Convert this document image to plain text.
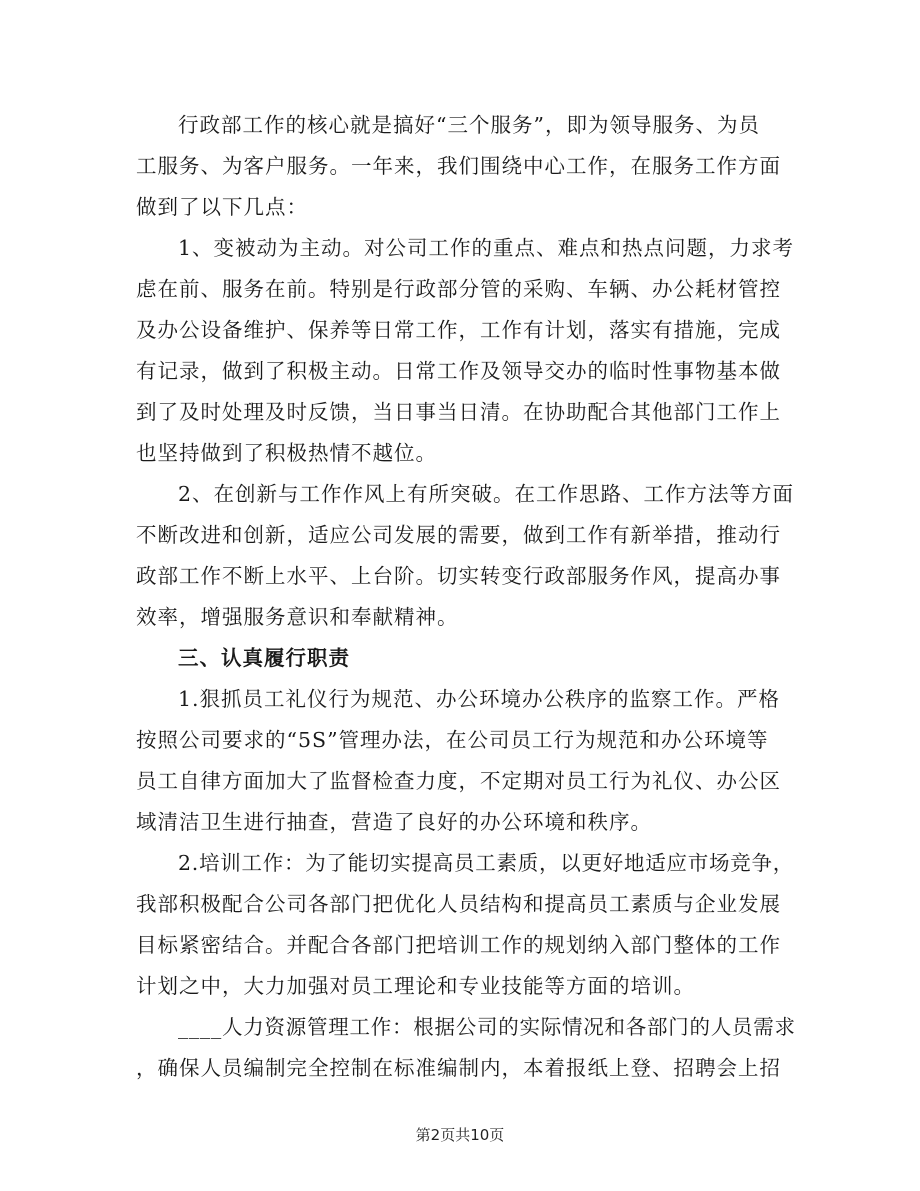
行政部工作的核心就是搞好“三个服务”，即为领导服务、为员
工服务、为客户服务。一年来，我们围绕中心工作，在服务工作方面
做到了以下几点：
1、变被动为主动。对公司工作的重点、难点和热点问题，力求考
虑在前、服务在前。特别是行政部分管的采购、车辆、办公耗材管控
及办公设备维护、保养等日常工作，工作有计划，落实有措施，完成
有记录，做到了积极主动。日常工作及领导交办的临时性事物基本做
到了及时处理及时反馈，当日事当日清。在协助配合其他部门工作上
也坚持做到了积极热情不越位。
2、在创新与工作作风上有所突破。在工作思路、工作方法等方面
不断改进和创新，适应公司发展的需要，做到工作有新举措，推动行
政部工作不断上水平、上台阶。切实转变行政部服务作风，提高办事
效率，增强服务意识和奉献精神。
三、认真履行职责
1.狠抓员工礼仪行为规范、办公环境办公秩序的监察工作。严格
按照公司要求的“5S”管理办法，在公司员工行为规范和办公环境等
员工自律方面加大了监督检查力度，不定期对员工行为礼仪、办公区
域清洁卫生进行抽查，营造了良好的办公环境和秩序。
2.培训工作：为了能切实提高员工素质，以更好地适应市场竞争，
我部积极配合公司各部门把优化人员结构和提高员工素质与企业发展
目标紧密结合。并配合各部门把培训工作的规划纳入部门整体的工作
计划之中，大力加强对员工理论和专业技能等方面的培训。
____人力资源管理工作：根据公司的实际情况和各部门的人员需求
，确保人员编制完全控制在标准编制内，本着报纸上登、招聘会上招
第2页共10页
